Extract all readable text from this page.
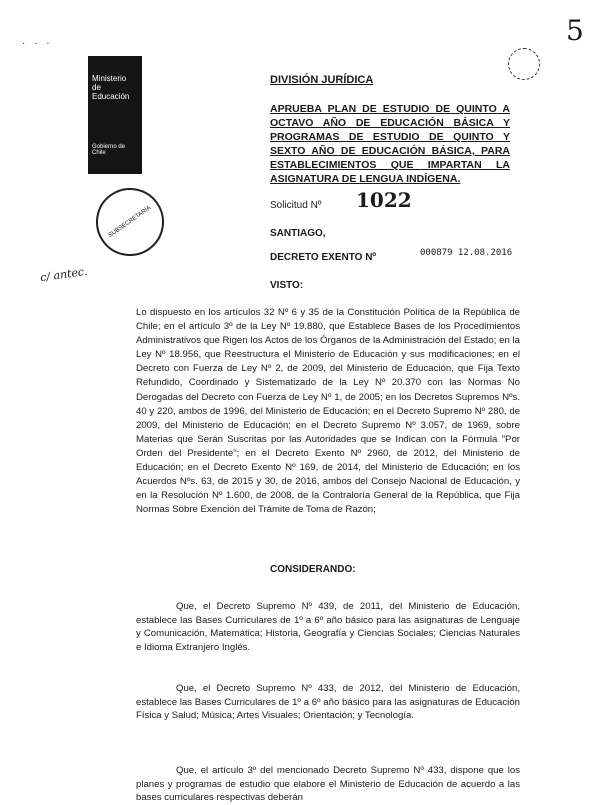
· · ·
Ministerio de Educación
Gobierno de Chile
SUBSECRETARÍA
5
c/ antec.
DIVISIÓN JURÍDICA
APRUEBA PLAN DE ESTUDIO DE QUINTO A OCTAVO AÑO DE EDUCACIÓN BÁSICA Y PROGRAMAS DE ESTUDIO DE QUINTO Y SEXTO AÑO DE EDUCACIÓN BÁSICA, PARA ESTABLECIMIENTOS QUE IMPARTAN LA ASIGNATURA DE LENGUA INDÍGENA.
Solicitud Nº 1022
SANTIAGO,
DECRETO EXENTO Nº	000879 12.08.2016
VISTO:
Lo dispuesto en los artículos 32 Nº 6 y 35 de la Constitución Política de la República de Chile; en el artículo 3º de la Ley Nº 19.880, que Establece Bases de los Procedimientos Administrativos que Rigen los Actos de los Órganos de la Administración del Estado; en la Ley Nº 18.956, que Reestructura el Ministerio de Educación y sus modificaciones; en el Decreto con Fuerza de Ley Nº 2, de 2009, del Ministerio de Educación, que Fija Texto Refundido, Coordinado y Sistematizado de la Ley Nº 20.370 con las Normas No Derogadas del Decreto con Fuerza de Ley Nº 1, de 2005; en los Decretos Supremos Nºs. 40 y 220, ambos de 1996, del Ministerio de Educación; en el Decreto Supremo Nº 280, de 2009, del Ministerio de Educación; en el Decreto Supremo Nº 3.057, de 1969, sobre Materias que Serán Suscritas por las Autoridades que se Indican con la Fórmula "Por Orden del Presidente"; en el Decreto Exento Nº 2960, de 2012, del Ministerio de Educación; en el Decreto Exento Nº 169, de 2014, del Ministerio de Educación; en los Acuerdos Nºs. 63, de 2015 y 30, de 2016, ambos del Consejo Nacional de Educación, y en la Resolución Nº 1.600, de 2008, de la Contraloría General de la República, que Fija Normas Sobre Exención del Trámite de Toma de Razón;
CONSIDERANDO:
Que, el Decreto Supremo Nº 439, de 2011, del Ministerio de Educación, establece las Bases Curriculares de 1º a 6º año básico para las asignaturas de Lenguaje y Comunicación, Matemática; Historia, Geografía y Ciencias Sociales; Ciencias Naturales e Idioma Extranjero Inglés.
Que, el Decreto Supremo Nº 433, de 2012, del Ministerio de Educación, establece las Bases Curriculares de 1º a 6º año básico para las asignaturas de Educación Física y Salud; Música; Artes Visuales; Orientación; y Tecnología.
Que, el artículo 3º del mencionado Decreto Supremo Nº 433, dispone que los planes y programas de estudio que elabore el Ministerio de Educación de acuerdo a las bases curriculares respectivas deberán
